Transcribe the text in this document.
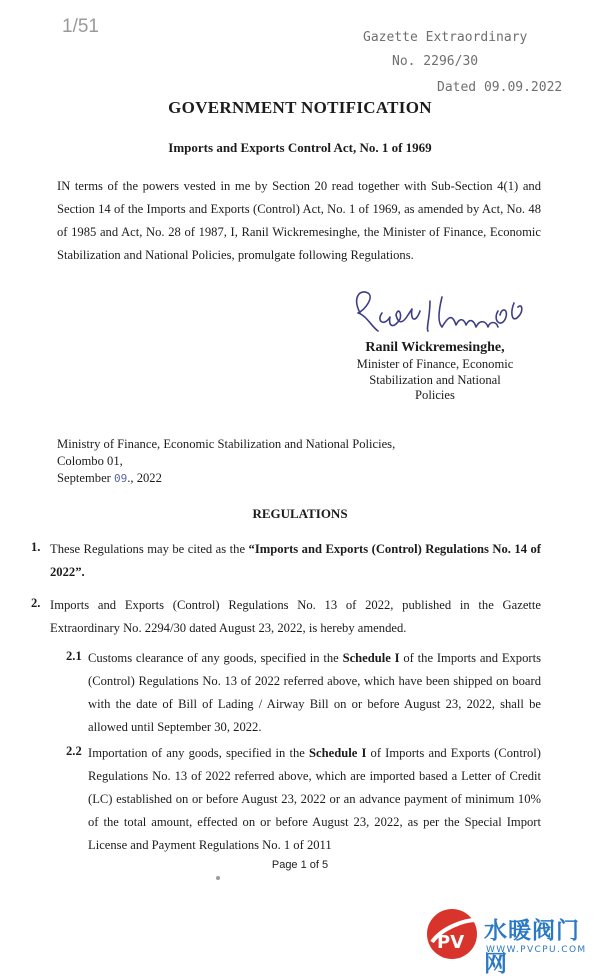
1/51
Gazette Extraordinary
No. 2296/30
Dated 09.09.2022
GOVERNMENT NOTIFICATION
Imports and Exports Control Act, No. 1 of 1969
IN terms of the powers vested in me by Section 20 read together with Sub-Section 4(1) and Section 14 of the Imports and Exports (Control) Act, No. 1 of 1969, as amended by Act, No. 48 of 1985 and Act, No. 28 of 1987, I, Ranil Wickremesinghe, the Minister of Finance, Economic Stabilization and National Policies, promulgate following Regulations.
Ranil Wickremesinghe,
Minister of Finance, Economic
Stabilization and National
Policies
Ministry of Finance, Economic Stabilization and National Policies,
Colombo 01,
September 09., 2022
REGULATIONS
1. These Regulations may be cited as the “Imports and Exports (Control) Regulations No. 14 of 2022”.
2. Imports and Exports (Control) Regulations No. 13 of 2022, published in the Gazette Extraordinary No. 2294/30 dated August 23, 2022, is hereby amended.
2.1 Customs clearance of any goods, specified in the Schedule I of the Imports and Exports (Control) Regulations No. 13 of 2022 referred above, which have been shipped on board with the date of Bill of Lading / Airway Bill on or before August 23, 2022, shall be allowed until September 30, 2022.
2.2 Importation of any goods, specified in the Schedule I of Imports and Exports (Control) Regulations No. 13 of 2022 referred above, which are imported based a Letter of Credit (LC) established on or before August 23, 2022 or an advance payment of minimum 10% of the total amount, effected on or before August 23, 2022, as per the Special Import License and Payment Regulations No. 1 of 2011
Page 1 of 5
PV 水暖阀门网
WWW.PVCPU.COM
